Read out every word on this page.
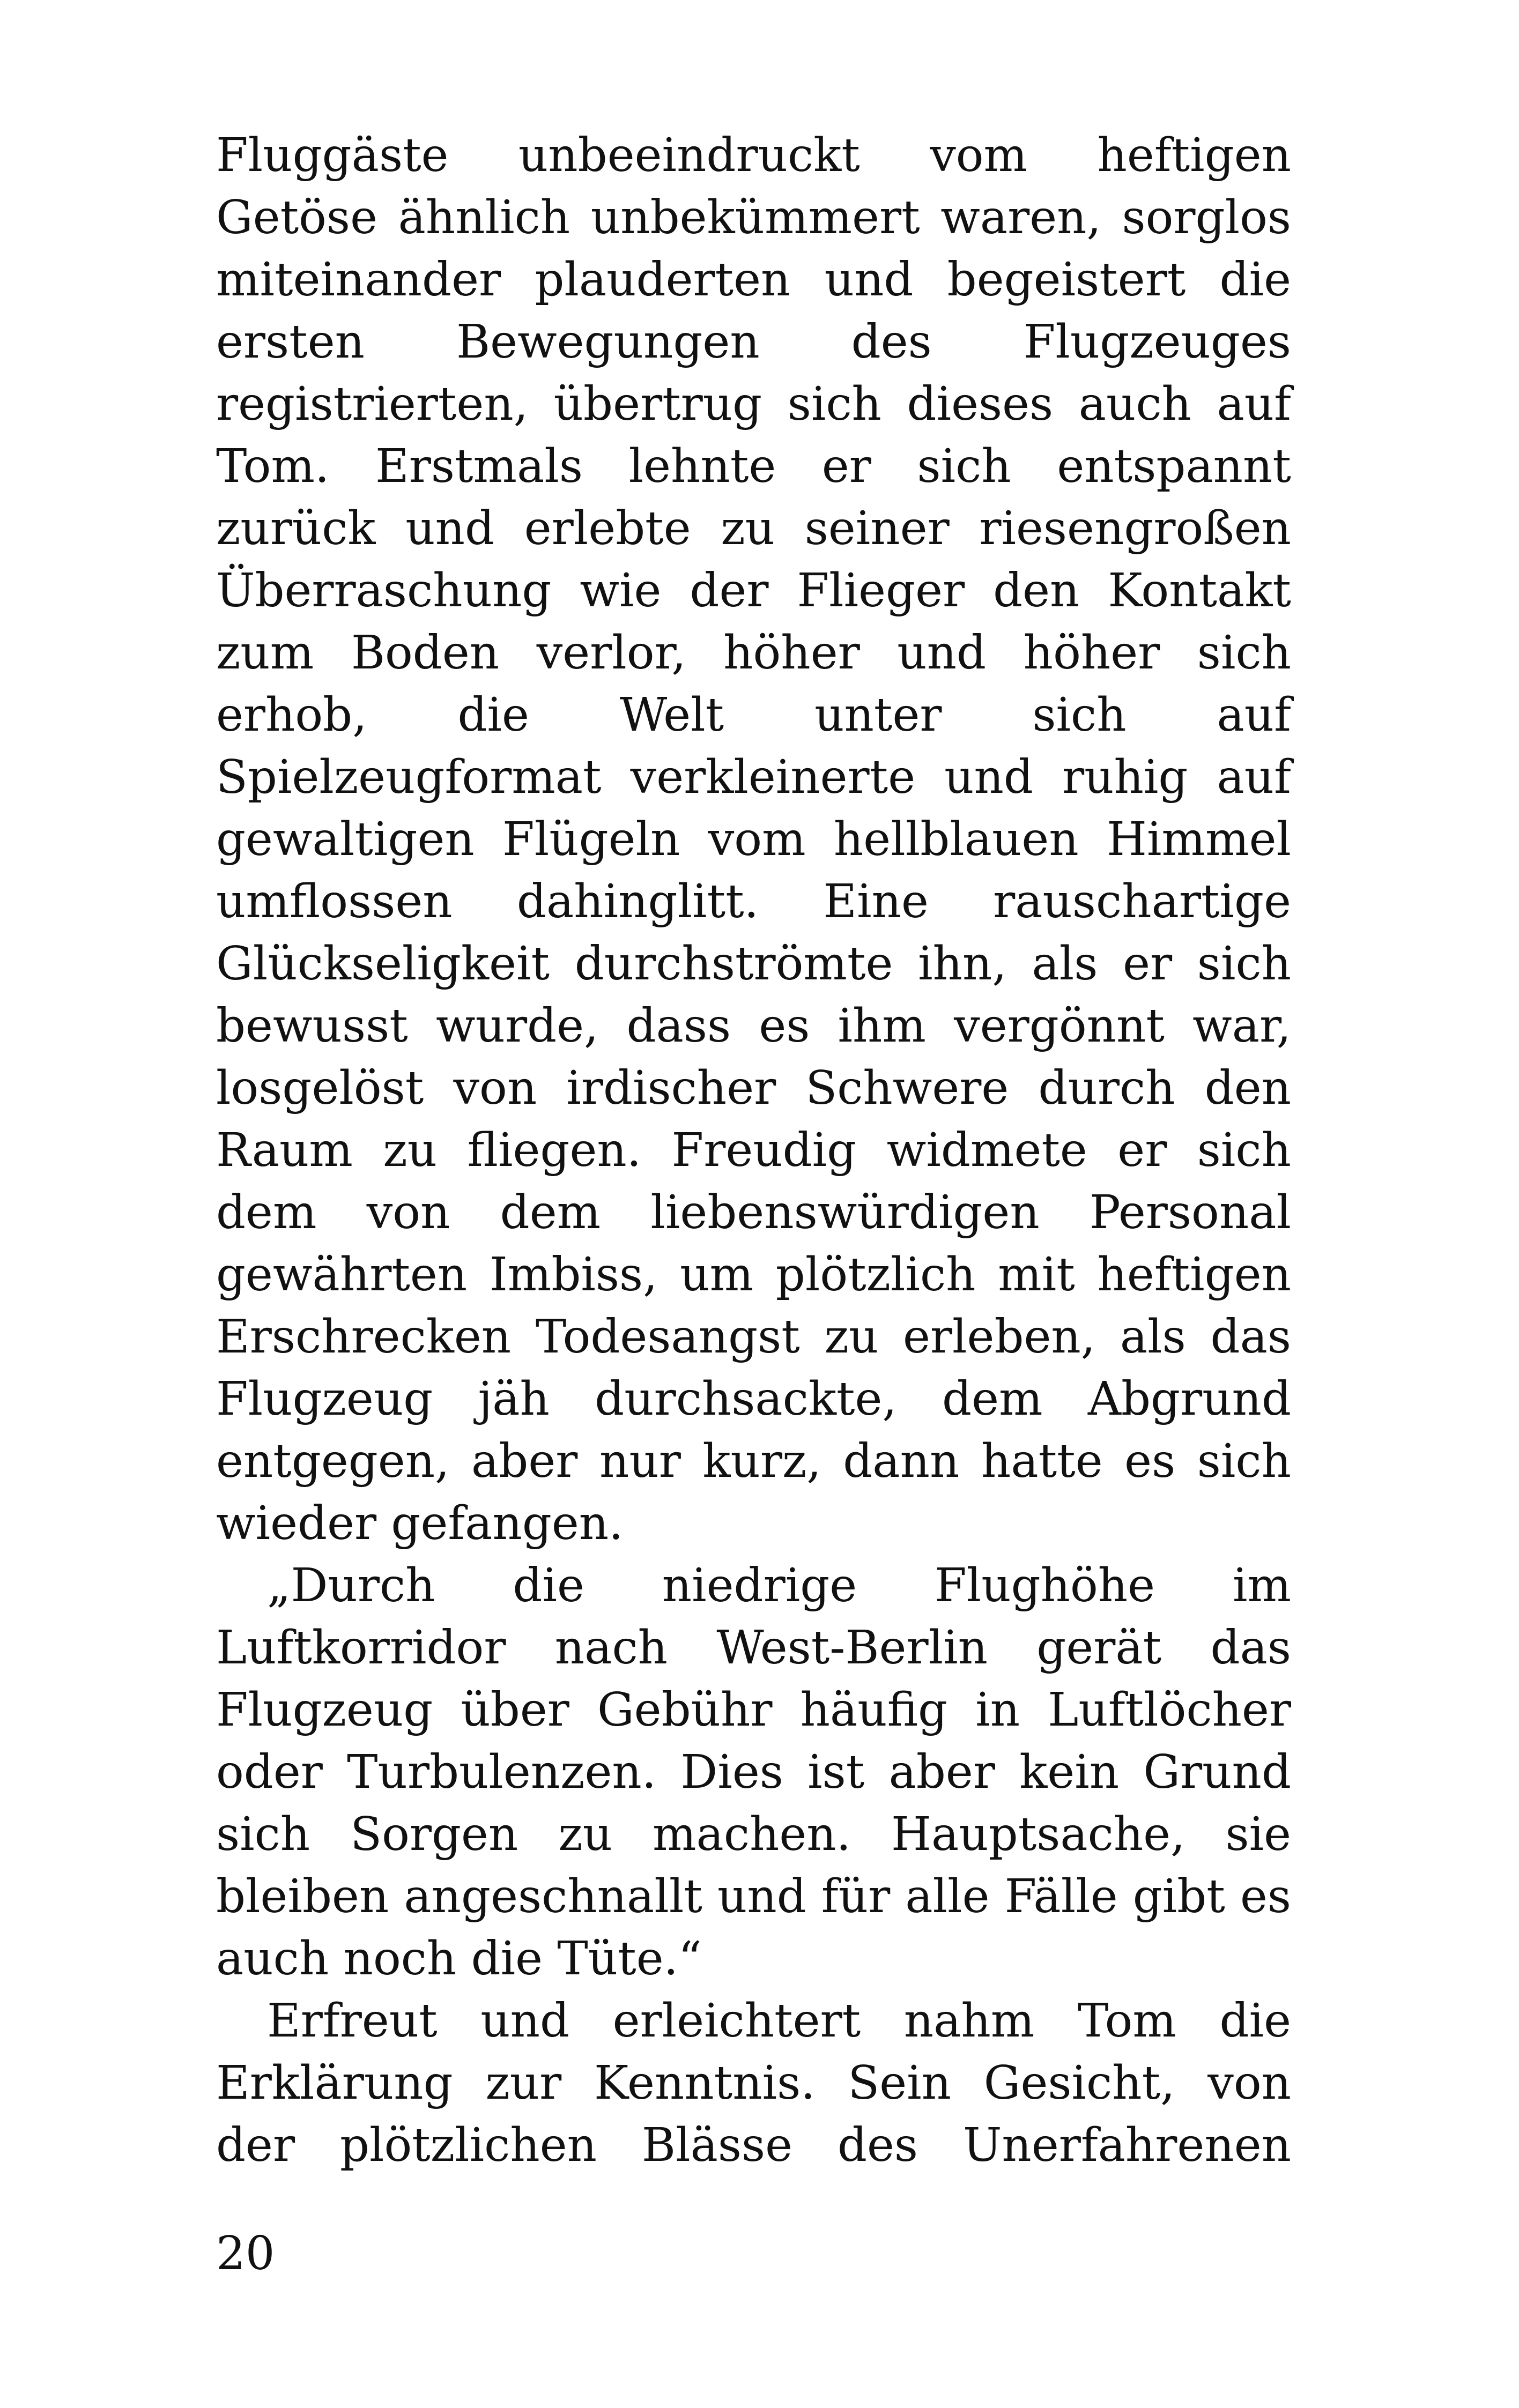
Fluggäste unbeeindruckt vom heftigen Getöse ähnlich unbekümmert waren, sorglos miteinander plauderten und begeistert die ersten Bewegungen des Flugzeuges registrierten, übertrug sich dieses auch auf Tom. Erstmals lehnte er sich entspannt zurück und erlebte zu seiner riesengroßen Überraschung wie der Flieger den Kontakt zum Boden verlor, höher und höher sich erhob, die Welt unter sich auf Spielzeugformat verkleinerte und ruhig auf gewaltigen Flügeln vom hellblauen Himmel umflossen dahinglitt. Eine rauschartige Glückseligkeit durchströmte ihn, als er sich bewusst wurde, dass es ihm vergönnt war, losgelöst von irdischer Schwere durch den Raum zu fliegen. Freudig widmete er sich dem von dem liebenswürdigen Personal gewährten Imbiss, um plötzlich mit heftigen Erschrecken Todesangst zu erleben, als das Flugzeug jäh durchsackte, dem Abgrund entgegen, aber nur kurz, dann hatte es sich wieder gefangen.

„Durch die niedrige Flughöhe im Luftkorridor nach West-Berlin gerät das Flugzeug über Gebühr häufig in Luftlöcher oder Turbulenzen. Dies ist aber kein Grund sich Sorgen zu machen. Hauptsache, sie bleiben angeschnallt und für alle Fälle gibt es auch noch die Tüte.“

Erfreut und erleichtert nahm Tom die Erklärung zur Kenntnis. Sein Gesicht, von der plötzlichen Blässe des Unerfahrenen

20
